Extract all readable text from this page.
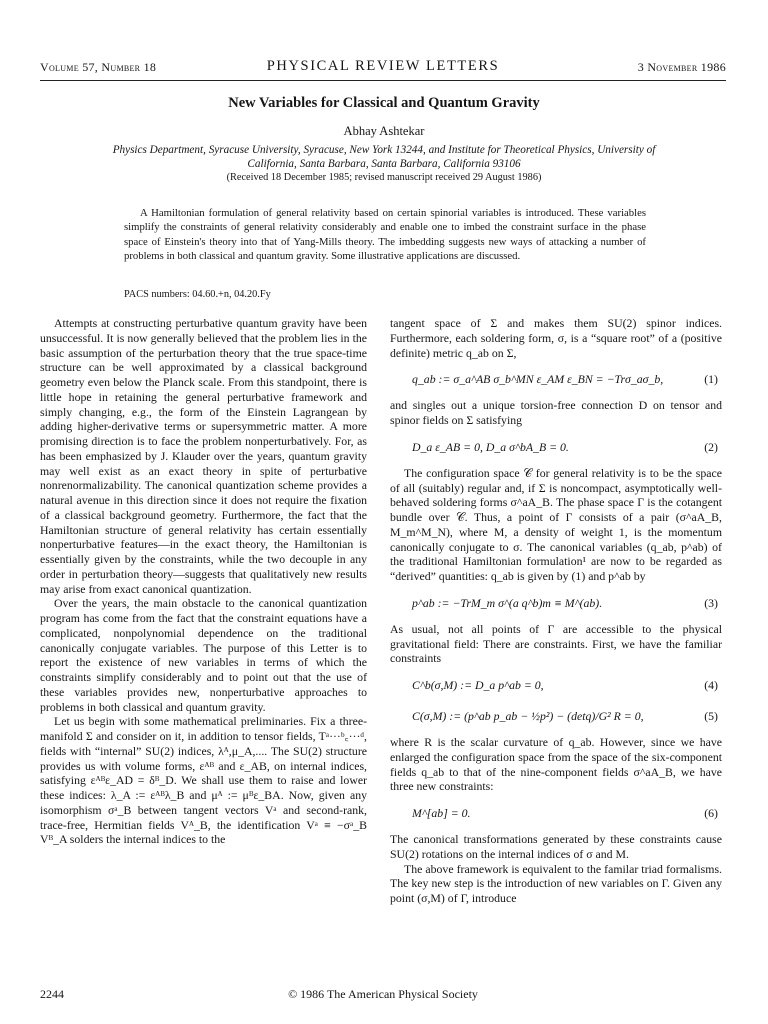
Volume 57, Number 18	PHYSICAL REVIEW LETTERS	3 November 1986
New Variables for Classical and Quantum Gravity
Abhay Ashtekar
Physics Department, Syracuse University, Syracuse, New York 13244, and Institute for Theoretical Physics, University of California, Santa Barbara, Santa Barbara, California 93106
(Received 18 December 1985; revised manuscript received 29 August 1986)
A Hamiltonian formulation of general relativity based on certain spinorial variables is introduced. These variables simplify the constraints of general relativity considerably and enable one to imbed the constraint surface in the phase space of Einstein's theory into that of Yang-Mills theory. The imbedding suggests new ways of attacking a number of problems in both classical and quantum gravity. Some illustrative applications are discussed.
PACS numbers: 04.60.+n, 04.20.Fy

Attempts at constructing perturbative quantum gravity have been unsuccessful. It is now generally believed that the problem lies in the basic assumption of the perturbation theory that the true space-time structure can be well approximated by a classical background geometry even below the Planck scale. From this standpoint, there is little hope in retaining the general perturbative framework and simply changing, e.g., the form of the Einstein Lagrangean by adding higher-derivative terms or supersymmetric matter. A more promising direction is to face the problem nonperturbatively. For, as has been emphasized by J. Klauder over the years, quantum gravity may well exist as an exact theory in spite of perturbative nonrenormalizability. The canonical quantization scheme provides a natural avenue in this direction since it does not require the fixation of a classical background geometry. Furthermore, the fact that the Hamiltonian structure of general relativity has certain essentially nonperturbative features—in the exact theory, the Hamiltonian is essentially given by the constraints, while the two decouple in any order in perturbation theory—suggests that qualitatively new results may arise from exact canonical quantization.

Over the years, the main obstacle to the canonical quantization program has come from the fact that the constraint equations have a complicated, nonpolynomial dependence on the traditional canonically conjugate variables. The purpose of this Letter is to report the existence of new variables in terms of which the constraints simplify considerably and to point out that the use of these variables provides new, nonperturbative approaches to problems in both classical and quantum gravity.

Let us begin with some mathematical preliminaries. Fix a three-manifold Σ and consider on it, in addition to tensor fields, Tᵃ···ᵇ꜀···ᵈ, fields with “internal” SU(2) indices, λᴬ,μ_A,.... The SU(2) structure provides us with volume forms, εᴬᴮ and ε_AB, on internal indices, satisfying εᴬᴮε_AD = δᴮ_D. We shall use them to raise and lower these indices: λ_A := εᴬᴮλ_B and μᴬ := μᴮε_BA. Now, given any isomorphism σᵃ_B between tangent vectors Vᵃ and second-rank, trace-free, Hermitian fields Vᴬ_B, the identification Vᵃ ≡ −σᵃ_B Vᴮ_A solders the internal indices to the

tangent space of Σ and makes them SU(2) spinor indices. Furthermore, each soldering form, σ, is a “square root” of a (positive definite) metric q_ab on Σ,

q_ab := σ_a^AB σ_b^MN ε_AM ε_BN = −Trσ_aσ_b,	(1)

and singles out a unique torsion-free connection D on tensor and spinor fields on Σ satisfying

D_a ε_AB = 0, D_a σ^bA_B = 0.	(2)

The configuration space 𝒞 for general relativity is to be the space of all (suitably) regular and, if Σ is noncompact, asymptotically well-behaved soldering forms σ^aA_B. The phase space Γ is the cotangent bundle over 𝒞. Thus, a point of Γ consists of a pair (σ^aA_B, M_m^M_N), where M, a density of weight 1, is the momentum canonically conjugate to σ. The canonical variables (q_ab, p^ab) of the traditional Hamiltonian formulation¹ are now to be regarded as “derived” quantities: q_ab is given by (1) and p^ab by

p^ab := −TrM_m σ^(a q^b)m ≡ M^(ab).	(3)

As usual, not all points of Γ are accessible to the physical gravitational field: There are constraints. First, we have the familiar constraints

C^b(σ,M) := D_a p^ab = 0,	(4)
C(σ,M) := (p^ab p_ab − ½p²) − (detq)/G² R = 0,	(5)

where R is the scalar curvature of q_ab. However, since we have enlarged the configuration space from the space of the six-component fields q_ab to that of the nine-component fields σ^aA_B, we have three new constraints:

M^[ab] = 0.	(6)

The canonical transformations generated by these constraints cause SU(2) rotations on the internal indices of σ and M.

The above framework is equivalent to the familar triad formalisms. The key new step is the introduction of new variables on Γ. Given any point (σ,M) of Γ, introduce

2244	© 1986 The American Physical Society
